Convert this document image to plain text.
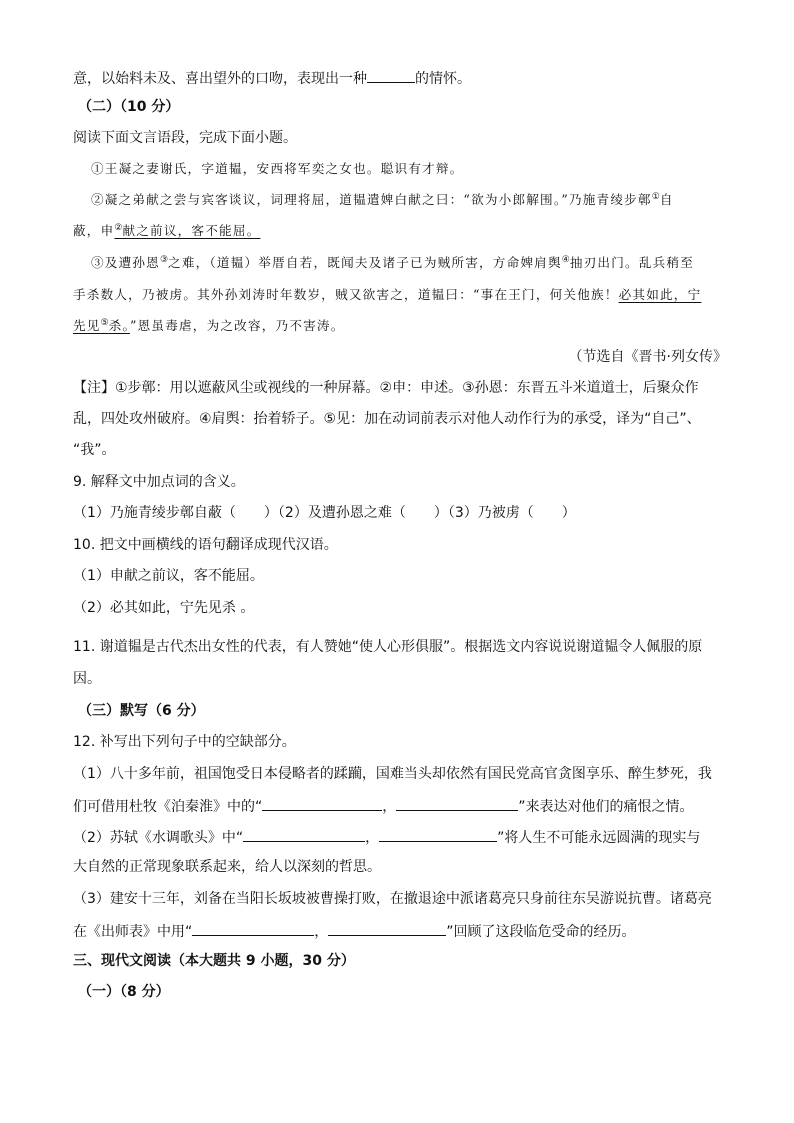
意，以始料未及、喜出望外的口吻，表现出一种	的情怀。
（二）（10 分）
阅读下面文言语段，完成下面小题。
①王凝之妻谢氏，字道韫，安西将军奕之女也。聪识有才辩。
②凝之弟献之尝与宾客谈议，词理将屈，道韫遣婢白献之曰：“欲为小郎解围。”乃施青绫步鄣①自
蔽，申②献之前议，客不能屈。
③及遭孙恩③之难，（道韫）举厝自若，既闻夫及诸子已为贼所害，方命婢肩舆④抽刃出门。乱兵稍至
手杀数人，乃被虏。其外孙刘涛时年数岁，贼又欲害之，道韫曰：“事在王门，何关他族！必其如此，宁
先见⑤杀。”恩虽毒虐，为之改容，乃不害涛。
（节选自《晋书·列女传》
【注】①步鄣：用以遮蔽风尘或视线的一种屏幕。②申：申述。③孙恩：东晋五斗米道道士，后聚众作
乱，四处攻州破府。④肩舆：抬着轿子。⑤见：加在动词前表示对他人动作行为的承受，译为“自己”、
“我”。
9. 解释文中加点词的含义。
（1）乃施青绫步鄣自蔽（　　）（2）及遭孙恩之难（　　）（3）乃被虏（　　）
10. 把文中画横线的语句翻译成现代汉语。
（1）申献之前议，客不能屈。
（2）必其如此，宁先见杀 。
11. 谢道韫是古代杰出女性的代表，有人赞她“使人心形俱服”。根据选文内容说说谢道韫令人佩服的原
因。
（三）默写（6 分）
12. 补写出下列句子中的空缺部分。
（1）八十多年前，祖国饱受日本侵略者的蹂躏，国难当头却依然有国民党高官贪图享乐、醉生梦死，我
们可借用杜牧《泊秦淮》中的“	，	”来表达对他们的痛恨之情。
（2）苏轼《水调歌头》中“	，	”将人生不可能永远圆满的现实与
大自然的正常现象联系起来，给人以深刻的哲思。
（3）建安十三年，刘备在当阳长坂坡被曹操打败，在撤退途中派诸葛亮只身前往东吴游说抗曹。诸葛亮
在《出师表》中用“	，	”回顾了这段临危受命的经历。
三、现代文阅读（本大题共 9 小题，30 分）
（一）（8 分）
